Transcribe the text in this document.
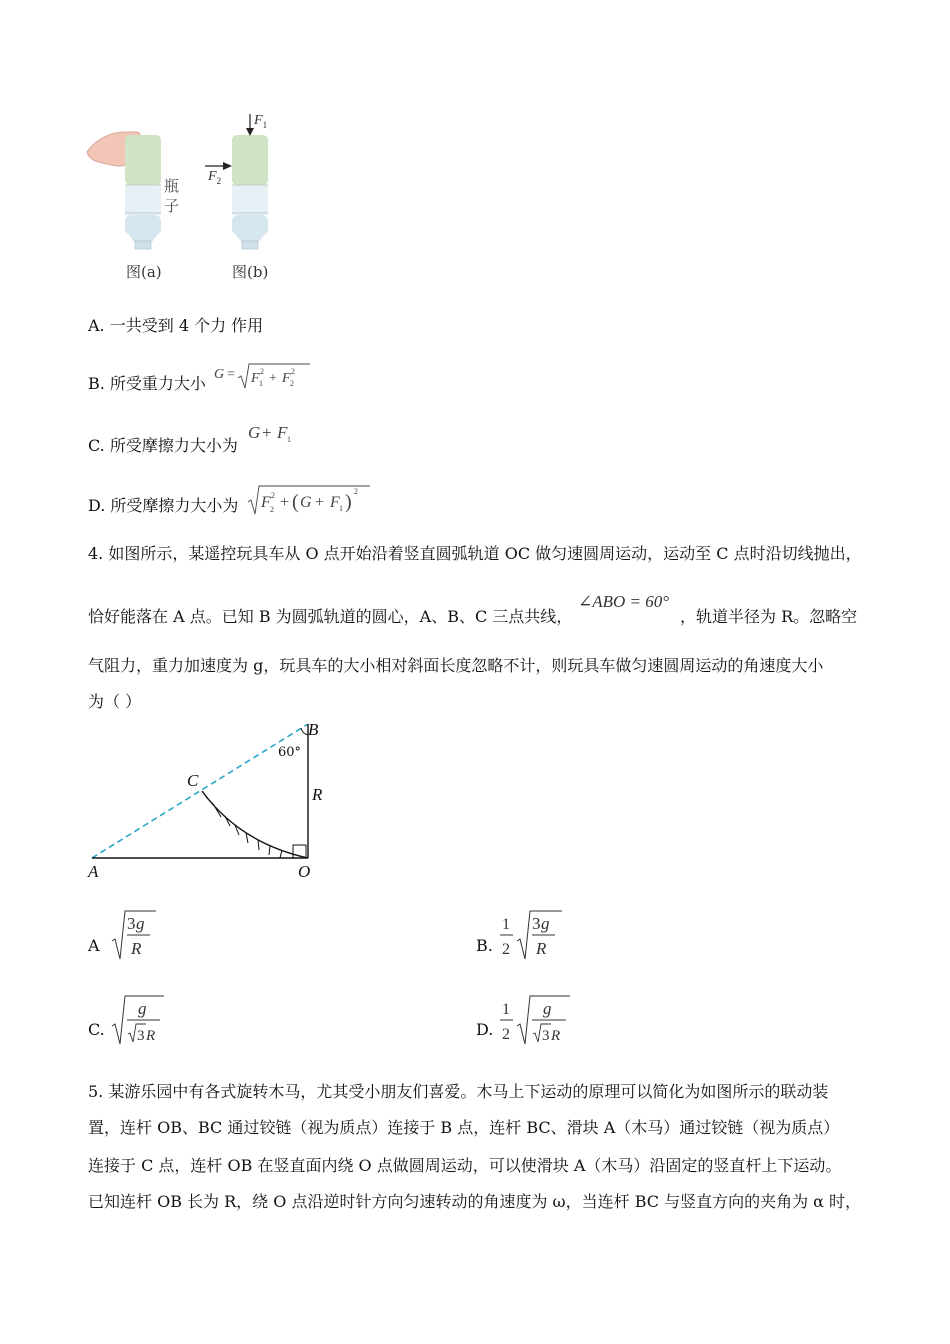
$F_1$
$F_2$
瓶
子
图(a)	图(b)
A. 一共受到 4 个力 作用
B. 所受重力大小 G = F 1
2 + F 2
2
C. 所受摩擦力大小为
G + F 1
D. 所受摩擦力大小为 F 2
2 + ( G + F 1 ) 2
4. 如图所示，某遥控玩具车从 O 点开始沿着竖直圆弧轨道 OC 做匀速圆周运动，运动至 C 点时沿切线抛出，
恰好能落在 A 点。已知 B 为圆弧轨道的圆心，A、B、C 三点共线，
∠ABO = 60°
，轨道半径为 R。忽略空
气阻力，重力加速度为 g，玩具车的大小相对斜面长度忽略不计，则玩具车做匀速圆周运动的角速度大小
为（ ）
B
60°
R
C
A	O
A
3 g
R	B.
1
2
3 g
R
C.
g
3 R	D.
1
2
g
3 R
5. 某游乐园中有各式旋转木马，尤其受小朋友们喜爱。木马上下运动的原理可以简化为如图所示的联动装
置，连杆 OB、BC 通过铰链（视为质点）连接于 B 点，连杆 BC、滑块 A（木马）通过铰链（视为质点）
连接于 C 点，连杆 OB 在竖直面内绕 O 点做圆周运动，可以使滑块 A（木马）沿固定的竖直杆上下运动。
已知连杆 OB 长为 R，绕 O 点沿逆时针方向匀速转动的角速度为 ω，当连杆 BC 与竖直方向的夹角为 α 时，
